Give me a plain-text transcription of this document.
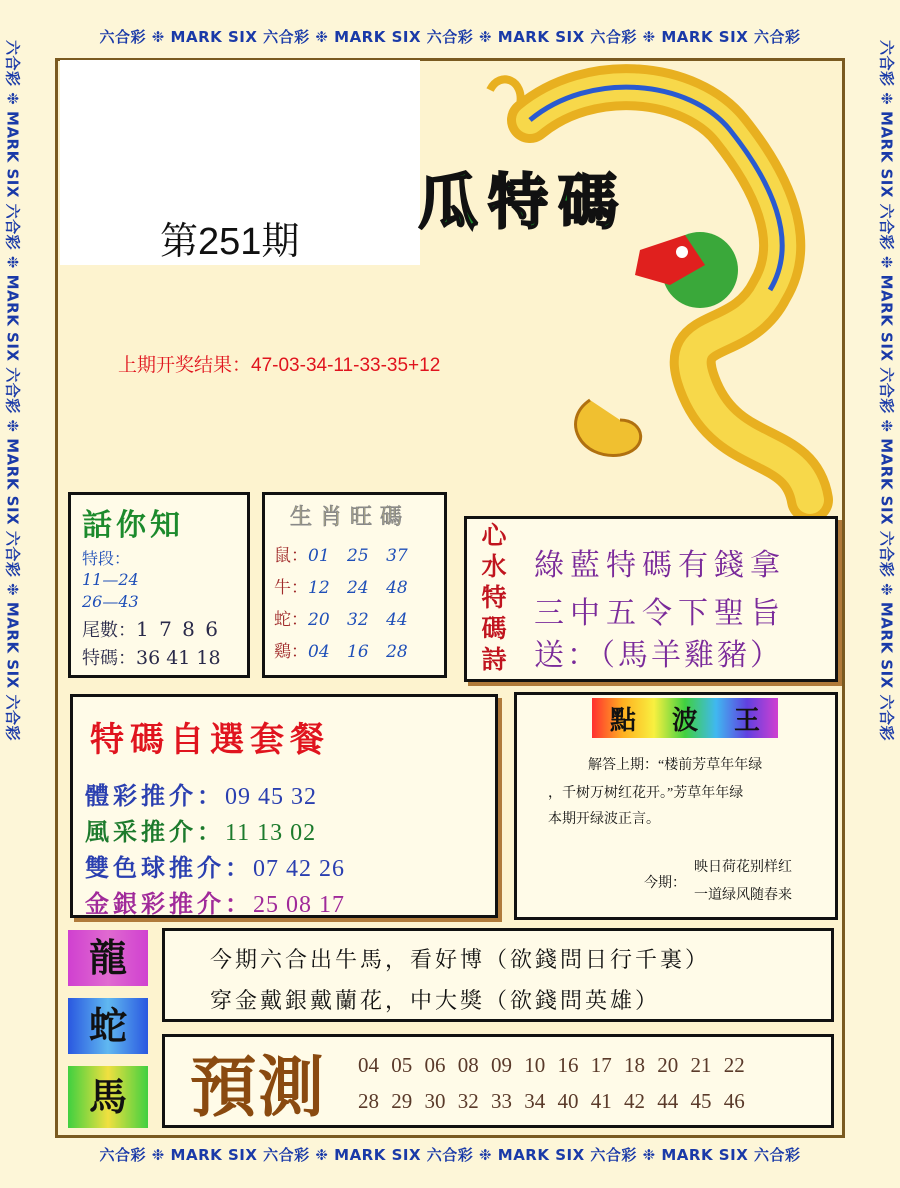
六合彩 ❉ MARK SIX 六合彩 ❉ MARK SIX 六合彩 ❉ MARK SIX 六合彩 ❉ MARK SIX 六合彩
六合彩 ❉ MARK SIX 六合彩 ❉ MARK SIX 六合彩 ❉ MARK SIX 六合彩 ❉ MARK SIX 六合彩
六合彩 ❉ MARK SIX 六合彩 ❉ MARK SIX 六合彩 ❉ MARK SIX 六合彩 ❉ MARK SIX 六合彩	六合彩 ❉ MARK SIX 六合彩 ❉ MARK SIX 六合彩 ❉ MARK SIX 六合彩 ❉ MARK SIX 六合彩
瓜特碼
第251期
上期开奖结果：47-03-34-11-33-35+12
話你知
特段：
11—24
26—43
尾數：1 7 8 6
特碼：36 41 18
生肖旺碼
鼠：01 25 37
牛：12 24 48
蛇：20 32 44
鷄：04 16 28
心
水
特
碼
詩
綠藍特碼有錢拿
三中五令下聖旨
送：（馬羊雞豬）
特碼自選套餐
體彩推介：09 45 32
風采推介：11 13 02
雙色球推介：07 42 26
金銀彩推介：25 08 17
點 波 王
解答上期：“楼前芳草年年绿
，千树万树红花开。”芳草年年绿
本期开绿波正言。
映日荷花别样红
今期：
一道绿风随春来
龍
蛇
馬
今期六合出牛馬，看好博（欲錢問日行千裏）
穿金戴銀戴蘭花，中大獎（欲錢問英雄）
預測 04 05 06 08 09 10 16 17 18 20 21 22
28 29 30 32 33 34 40 41 42 44 45 46
